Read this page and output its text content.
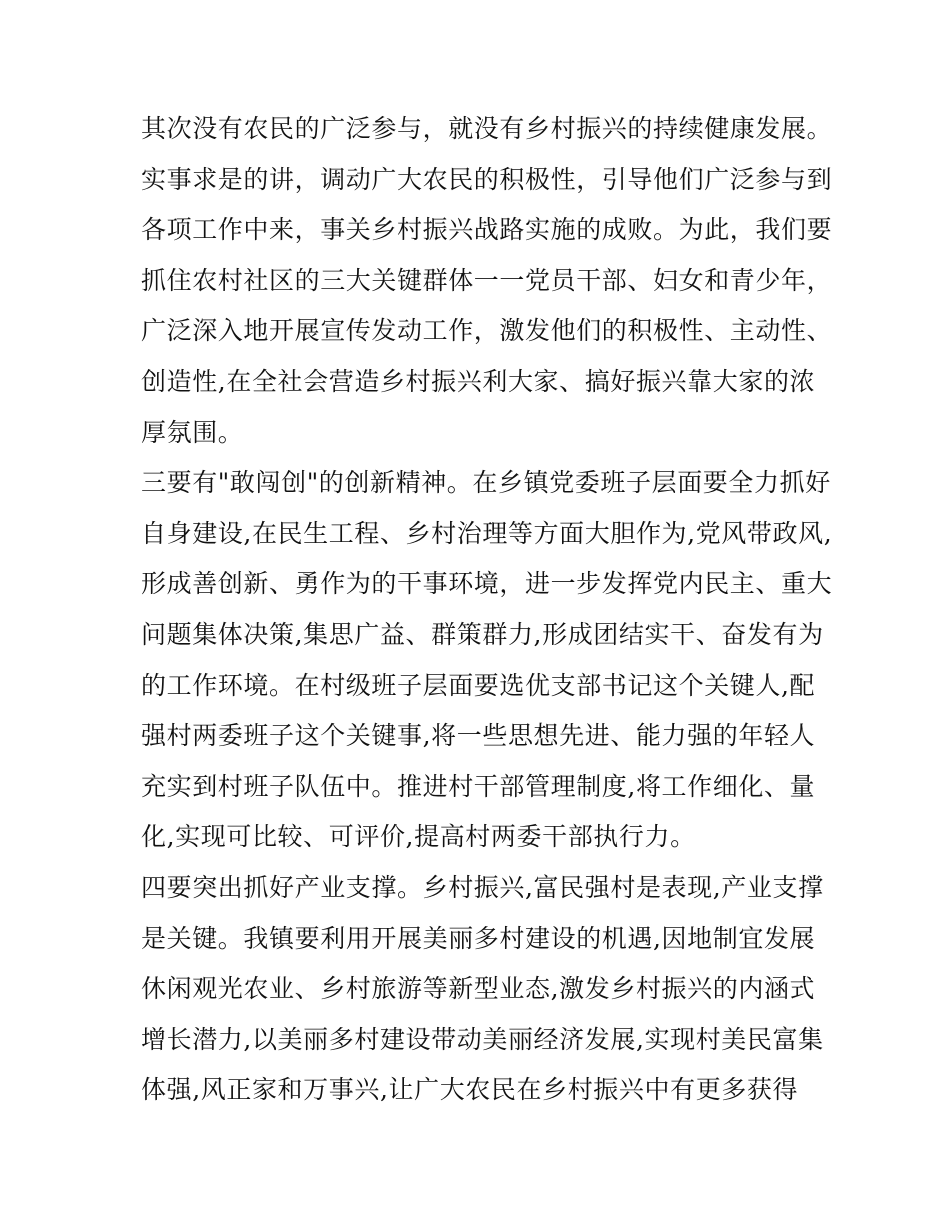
其次没有农民的广泛参与，就没有乡村振兴的持续健康发展。
实事求是的讲，调动广大农民的积极性，引导他们广泛参与到
各项工作中来，事关乡村振兴战路实施的成败。为此，我们要
抓住农村社区的三大关键群体一一党员干部、妇女和青少年，
广泛深入地开展宣传发动工作，激发他们的积极性、主动性、
创造性,在全社会营造乡村振兴利大家、搞好振兴靠大家的浓
厚氛围。
三要有"敢闯创"的创新精神。在乡镇党委班子层面要全力抓好
自身建设,在民生工程、乡村治理等方面大胆作为,党风带政风,
形成善创新、勇作为的干事环境，进一步发挥党内民主、重大
问题集体决策,集思广益、群策群力,形成团结实干、奋发有为
的工作环境。在村级班子层面要选优支部书记这个关键人,配
强村两委班子这个关键事,将一些思想先进、能力强的年轻人
充实到村班子队伍中。推进村干部管理制度,将工作细化、量
化,实现可比较、可评价,提高村两委干部执行力。
四要突出抓好产业支撑。乡村振兴,富民强村是表现,产业支撑
是关键。我镇要利用开展美丽多村建设的机遇,因地制宜发展
休闲观光农业、乡村旅游等新型业态,激发乡村振兴的内涵式
增长潜力,以美丽多村建设带动美丽经济发展,实现村美民富集
体强,风正家和万事兴,让广大农民在乡村振兴中有更多获得
